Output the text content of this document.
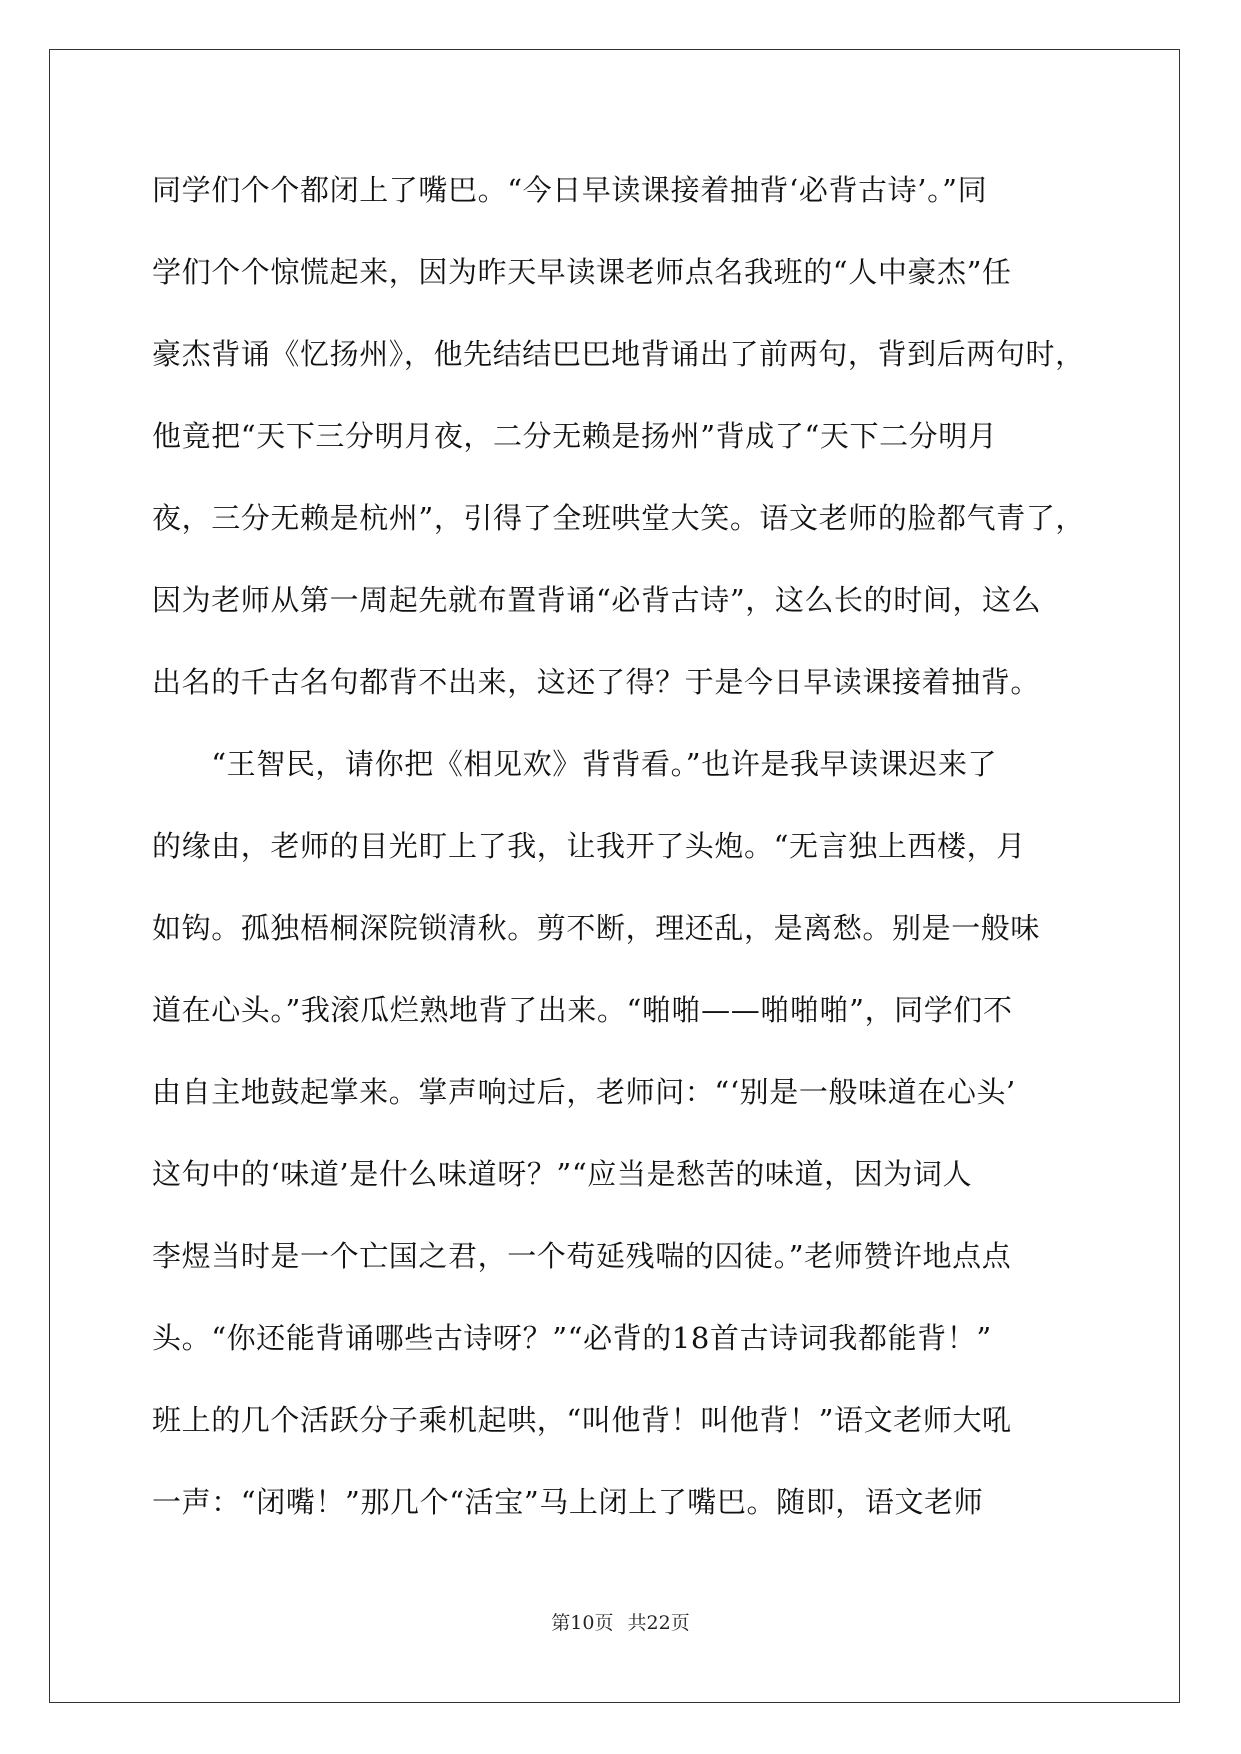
同学们个个都闭上了嘴巴。“今日早读课接着抽背‘必背古诗’。”同
学们个个惊慌起来，因为昨天早读课老师点名我班的“人中豪杰”任
豪杰背诵《忆扬州》，他先结结巴巴地背诵出了前两句，背到后两句时，
他竟把“天下三分明月夜，二分无赖是扬州”背成了“天下二分明月
夜，三分无赖是杭州”，引得了全班哄堂大笑。语文老师的脸都气青了，
因为老师从第一周起先就布置背诵“必背古诗”，这么长的时间，这么
出名的千古名句都背不出来，这还了得？于是今日早读课接着抽背。
　　“王智民，请你把《相见欢》背背看。”也许是我早读课迟来了
的缘由，老师的目光盯上了我，让我开了头炮。“无言独上西楼，月
如钩。孤独梧桐深院锁清秋。剪不断，理还乱，是离愁。别是一般味
道在心头。”我滚瓜烂熟地背了出来。“啪啪——啪啪啪”，同学们不
由自主地鼓起掌来。掌声响过后，老师问：“‘别是一般味道在心头’
这句中的‘味道’是什么味道呀？”“应当是愁苦的味道，因为词人
李煜当时是一个亡国之君，一个苟延残喘的囚徒。”老师赞许地点点
头。“你还能背诵哪些古诗呀？”“必背的18首古诗词我都能背！”
班上的几个活跃分子乘机起哄，“叫他背！叫他背！”语文老师大吼
一声：“闭嘴！”那几个“活宝”马上闭上了嘴巴。随即，语文老师
第10页 共22页
